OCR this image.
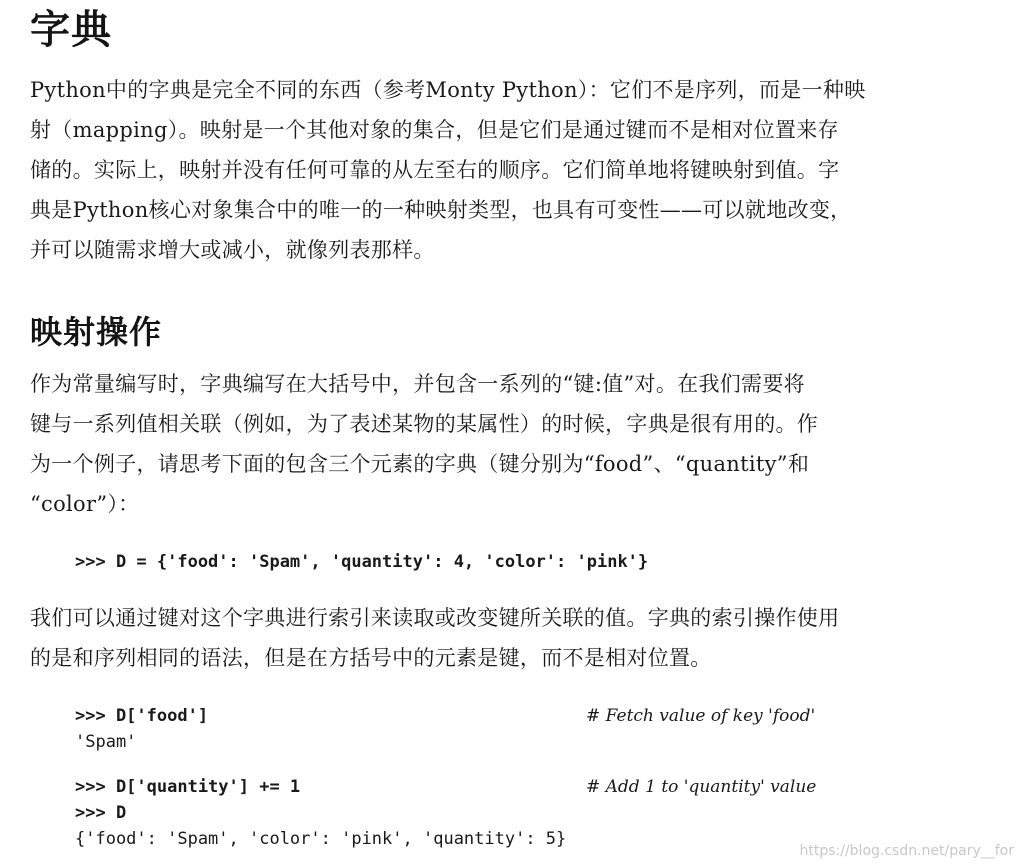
字典
Python中的字典是完全不同的东西（参考Monty Python）：它们不是序列，而是一种映
射（mapping）。映射是一个其他对象的集合，但是它们是通过键而不是相对位置来存
储的。实际上，映射并没有任何可靠的从左至右的顺序。它们简单地将键映射到值。字
典是Python核心对象集合中的唯一的一种映射类型，也具有可变性——可以就地改变，
并可以随需求增大或减小，就像列表那样。
映射操作
作为常量编写时，字典编写在大括号中，并包含一系列的“键:值”对。在我们需要将
键与一系列值相关联（例如，为了表述某物的某属性）的时候，字典是很有用的。作
为一个例子，请思考下面的包含三个元素的字典（键分别为“food”、“quantity”和
“color”）：
>>> D = {'food': 'Spam', 'quantity': 4, 'color': 'pink'}
我们可以通过键对这个字典进行索引来读取或改变键所关联的值。字典的索引操作使用
的是和序列相同的语法，但是在方括号中的元素是键，而不是相对位置。
>>> D['food']	# Fetch value of key 'food'
'Spam'
>>> D['quantity'] += 1	# Add 1 to 'quantity' value
>>> D
{'food': 'Spam', 'color': 'pink', 'quantity': 5}
https://blog.csdn.net/pary__for
